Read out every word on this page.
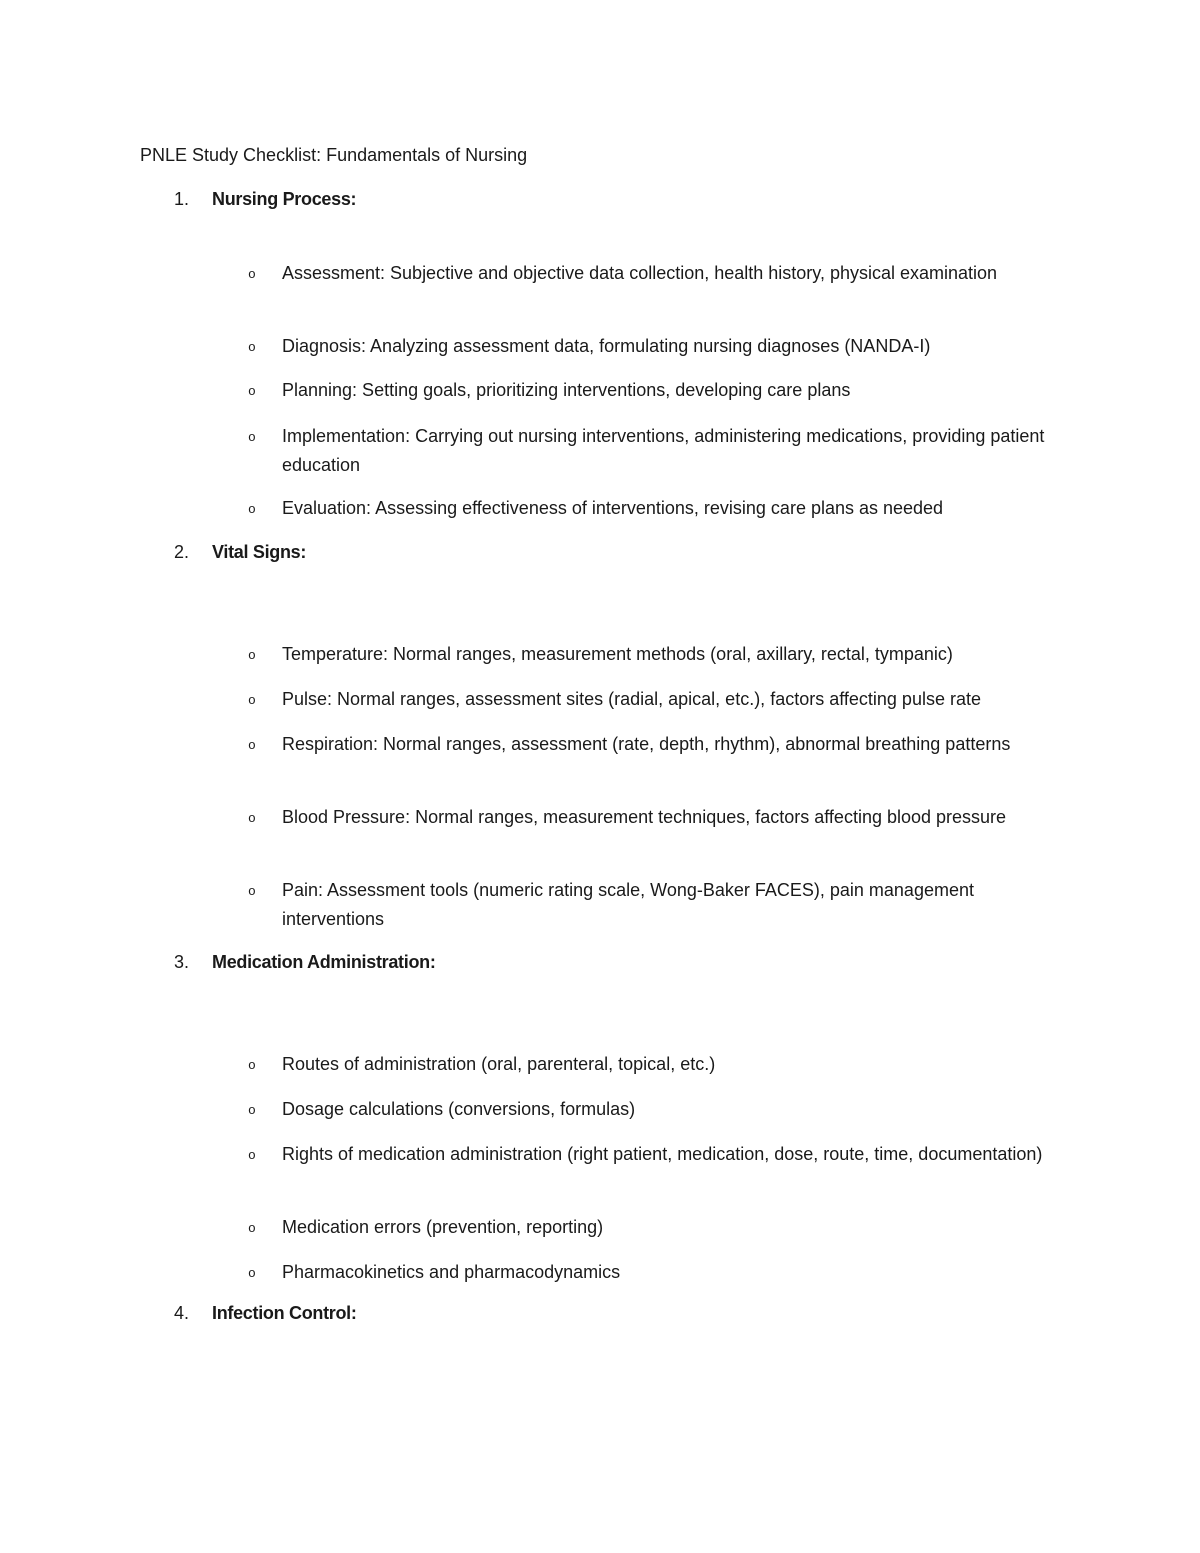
PNLE Study Checklist: Fundamentals of Nursing
1. Nursing Process:
o Assessment: Subjective and objective data collection, health history, physical examination
o Diagnosis: Analyzing assessment data, formulating nursing diagnoses (NANDA-I)
o Planning: Setting goals, prioritizing interventions, developing care plans
o Implementation: Carrying out nursing interventions, administering medications, providing patient education
o Evaluation: Assessing effectiveness of interventions, revising care plans as needed
2. Vital Signs:
o Temperature: Normal ranges, measurement methods (oral, axillary, rectal, tympanic)
o Pulse: Normal ranges, assessment sites (radial, apical, etc.), factors affecting pulse rate
o Respiration: Normal ranges, assessment (rate, depth, rhythm), abnormal breathing patterns
o Blood Pressure: Normal ranges, measurement techniques, factors affecting blood pressure
o Pain: Assessment tools (numeric rating scale, Wong-Baker FACES), pain management interventions
3. Medication Administration:
o Routes of administration (oral, parenteral, topical, etc.)
o Dosage calculations (conversions, formulas)
o Rights of medication administration (right patient, medication, dose, route, time, documentation)
o Medication errors (prevention, reporting)
o Pharmacokinetics and pharmacodynamics
4. Infection Control:
